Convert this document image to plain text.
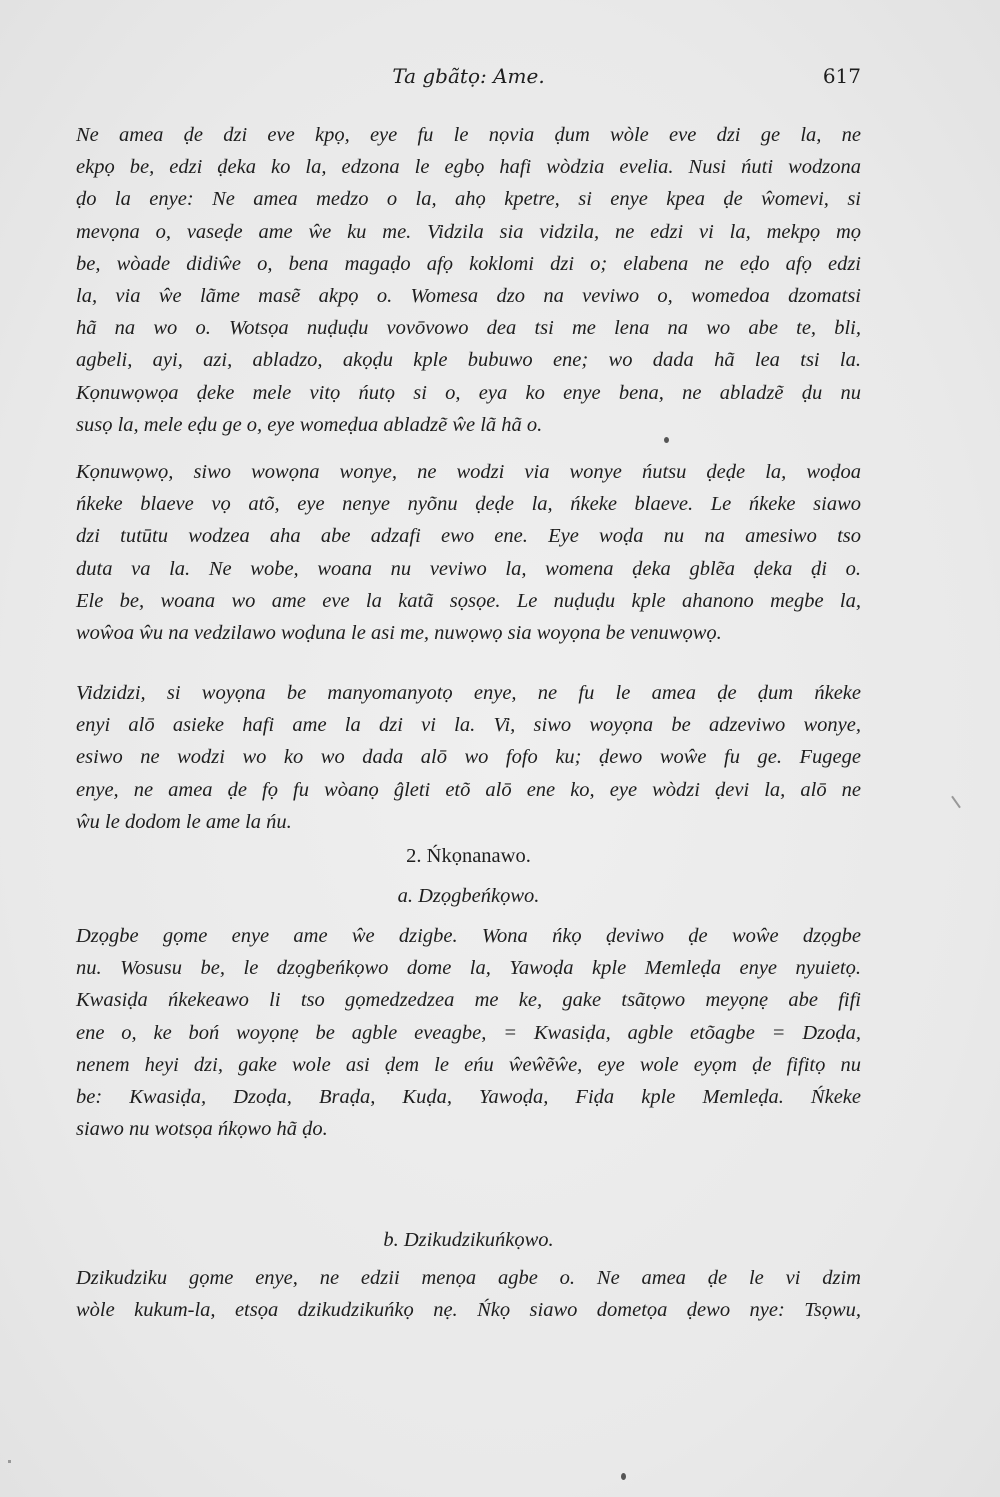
Ta gbãtọ: Ame.	617
Ne amea ḍe dzi eve kpọ, eye fu le nọvia ḍum wòle eve dzi ge la, ne
ekpọ be, edzi ḍeka ko la, edzona le egbọ hafi wòdzia evelia. Nusi ńuti wodzona
ḍo la enye: Ne amea medzo o la, ahọ kpetre, si enye kpea ḍe ŵomevi, si
mevọna o, vaseḍe ame ŵe ku me. Vidzila sia vidzila, ne edzi vi la, mekpọ mọ
be, wòade didiŵe o, bena magaḍo afọ koklomi dzi o; elabena ne eḍo afọ edzi
la, via ŵe lãme masẽ akpọ o. Womesa dzo na veviwo o, womedoa dzomatsi
hã na wo o. Wotsọa nuḍuḍu vovōvowo dea tsi me lena na wo abe te, bli,
agbeli, ayi, azi, abladzo, akọḍu kple bubuwo ene; wo dada hã lea tsi la.
Kọnuwọwọa ḍeke mele vitọ ńutọ si o, eya ko enye bena, ne abladzẽ ḍu nu
susọ la, mele eḍu ge o, eye womeḍua abladzẽ ŵe lã hã o.
Kọnuwọwọ, siwo wowọna wonye, ne wodzi via wonye ńutsu ḍeḍe la, woḍoa
ńkeke blaeve vọ atõ, eye nenye nyõnu ḍeḍe la, ńkeke blaeve. Le ńkeke siawo
dzi tutūtu wodzea aha abe adzafi ewo ene. Eye woḍa nu na amesiwo tso
duta va la. Ne wobe, woana nu veviwo la, womena ḍeka gblẽa ḍeka ḍi o.
Ele be, woana wo ame eve la katã sọsọe. Le nuḍuḍu kple ahanono megbe la,
woŵoa ŵu na vedzilawo woḍuna le asi me, nuwọwọ sia woyọna be venuwọwọ.
Vidzidzi, si woyọna be manyomanyotọ enye, ne fu le amea ḍe ḍum ńkeke
enyi alō asieke hafi ame la dzi vi la. Vi, siwo woyọna be adzeviwo wonye,
esiwo ne wodzi wo ko wo dada alō wo fofo ku; ḍewo woŵe fu ge. Fugege
enye, ne amea ḍe fọ fu wòanọ ĝleti etõ alō ene ko, eye wòdzi ḍevi la, alō ne
ŵu le dodom le ame la ńu.
2. Ńkọnanawo.
a. Dzọgbeńkọwo.
Dzọgbe gọme enye ame ŵe dzigbe. Wona ńkọ ḍeviwo ḍe woŵe dzọgbe
nu. Wosusu be, le dzọgbeńkọwo dome la, Yawoḍa kple Memleḍa enye nyuietọ.
Kwasiḍa ńkekeawo li tso gọmedzedzea me ke, gake tsãtọwo meyọnẹ abe fifi
ene o, ke boń woyọnẹ be agble eveagbe, = Kwasiḍa, agble etõagbe = Dzoḍa,
nenem heyi dzi, gake wole asi ḍem le eńu ŵeŵẽŵe, eye wole eyọm ḍe fifitọ nu
be: Kwasiḍa, Dzoḍa, Braḍa, Kuḍa, Yawoḍa, Fiḍa kple Memleḍa. Ńkeke
siawo nu wotsọa ńkọwo hã ḍo.
b. Dzikudzikuńkọwo.
Dzikudziku gọme enye, ne edzii menọa agbe o. Ne amea ḍe le vi dzim
wòle kukum-la, etsọa dzikudzikuńkọ nẹ. Ńkọ siawo dometọa ḍewo nye: Tsọwu,
